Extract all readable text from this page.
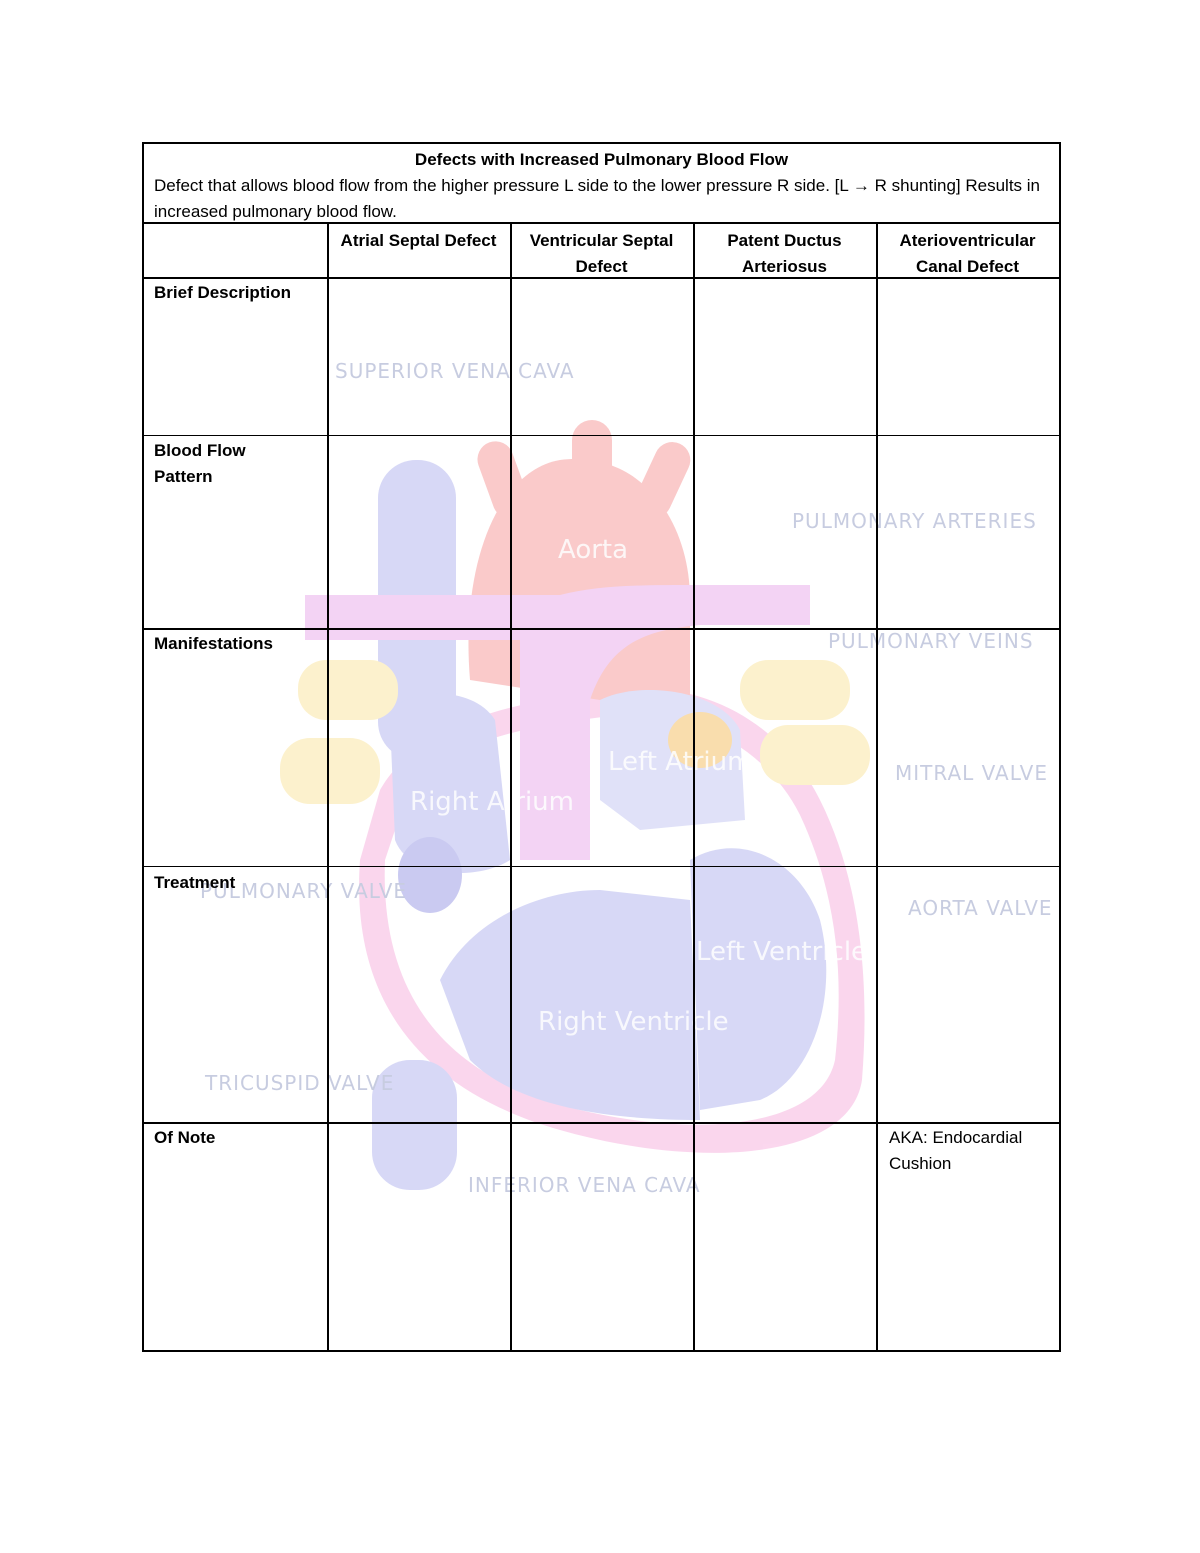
SUPERIOR VENA CAVA
Aorta
PULMONARY ARTERIES
PULMONARY VEINS
Left Atrium
Right Atrium
MITRAL VALVE
PULMONARY VALVE
AORTA VALVE
Left Ventricle
Right Ventricle
TRICUSPID VALVE
INFERIOR VENA CAVA
Defects with Increased Pulmonary Blood Flow
Defect that allows blood flow from the higher pressure L side to the lower pressure R side. [L → R shunting] Results in increased pulmonary blood flow.
Atrial Septal Defect	Ventricular Septal Defect
Patent Ductus Arteriosus
Aterioventricular Canal Defect
Brief Description
Blood Flow Pattern
Manifestations
Treatment
Of Note	AKA: Endocardial Cushion
